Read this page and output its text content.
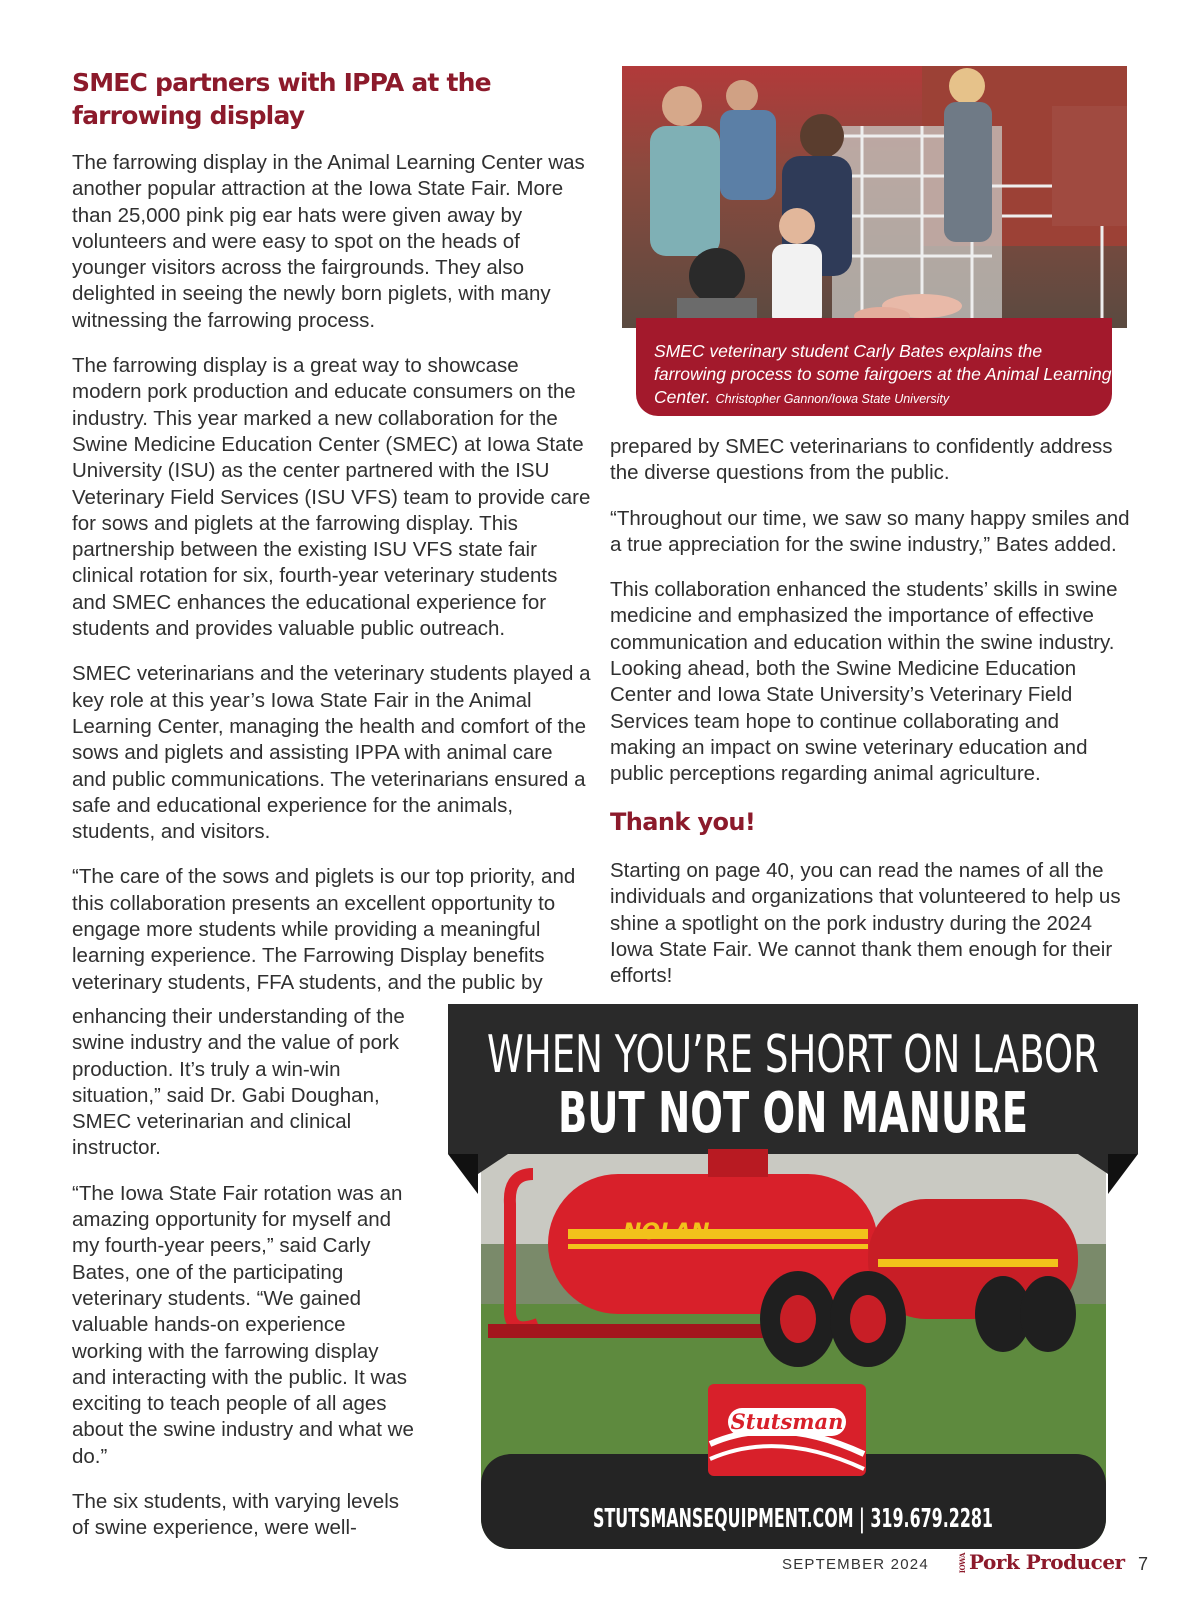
SMEC partners with IPPA at the farrowing display

The farrowing display in the Animal Learning Center was another popular attraction at the Iowa State Fair. More than 25,000 pink pig ear hats were given away by volunteers and were easy to spot on the heads of younger visitors across the fairgrounds. They also delighted in seeing the newly born piglets, with many witnessing the farrowing process.

The farrowing display is a great way to showcase modern pork production and educate consumers on the industry. This year marked a new collaboration for the Swine Medicine Education Center (SMEC) at Iowa State University (ISU) as the center partnered with the ISU Veterinary Field Services (ISU VFS) team to provide care for sows and piglets at the farrowing display. This partnership between the existing ISU VFS state fair clinical rotation for six, fourth-year veterinary students and SMEC enhances the educational experience for students and provides valuable public outreach.

SMEC veterinarians and the veterinary students played a key role at this year’s Iowa State Fair in the Animal Learning Center, managing the health and comfort of the sows and piglets and assisting IPPA with animal care and public communications. The veterinarians ensured a safe and educational experience for the animals, students, and visitors.

“The care of the sows and piglets is our top priority, and this collaboration presents an excellent opportunity to engage more students while providing a meaningful learning experience. The Farrowing Display benefits veterinary students, FFA students, and the public by

enhancing their understanding of the swine industry and the value of pork production. It’s truly a win-win situation,” said Dr. Gabi Doughan, SMEC veterinarian and clinical instructor.

“The Iowa State Fair rotation was an amazing opportunity for myself and my fourth-year peers,” said Carly Bates, one of the participating veterinary students. “We gained valuable hands-on experience working with the farrowing display and interacting with the public. It was exciting to teach people of all ages about the swine industry and what we do.”

The six students, with varying levels of swine experience, were well-

SMEC veterinary student Carly Bates explains the farrowing process to some fairgoers at the Animal Learning Center. Christopher Gannon/Iowa State University

prepared by SMEC veterinarians to confidently address the diverse questions from the public.

“Throughout our time, we saw so many happy smiles and a true appreciation for the swine industry,” Bates added.

This collaboration enhanced the students’ skills in swine medicine and emphasized the importance of effective communication and education within the swine industry. Looking ahead, both the Swine Medicine Education Center and Iowa State University’s Veterinary Field Services team hope to continue collaborating and making an impact on swine veterinary education and public perceptions regarding animal agriculture.

Thank you!

Starting on page 40, you can read the names of all the individuals and organizations that volunteered to help us shine a spotlight on the pork industry during the 2024 Iowa State Fair. We cannot thank them enough for their efforts!

WHEN YOU’RE SHORT ON LABOR
BUT NOT ON MANURE
NOLAN
Stutsman
STUTSMANSEQUIPMENT.COM | 319.679.2281
SEPTEMBER 2024	IOWA Pork Producer 7
